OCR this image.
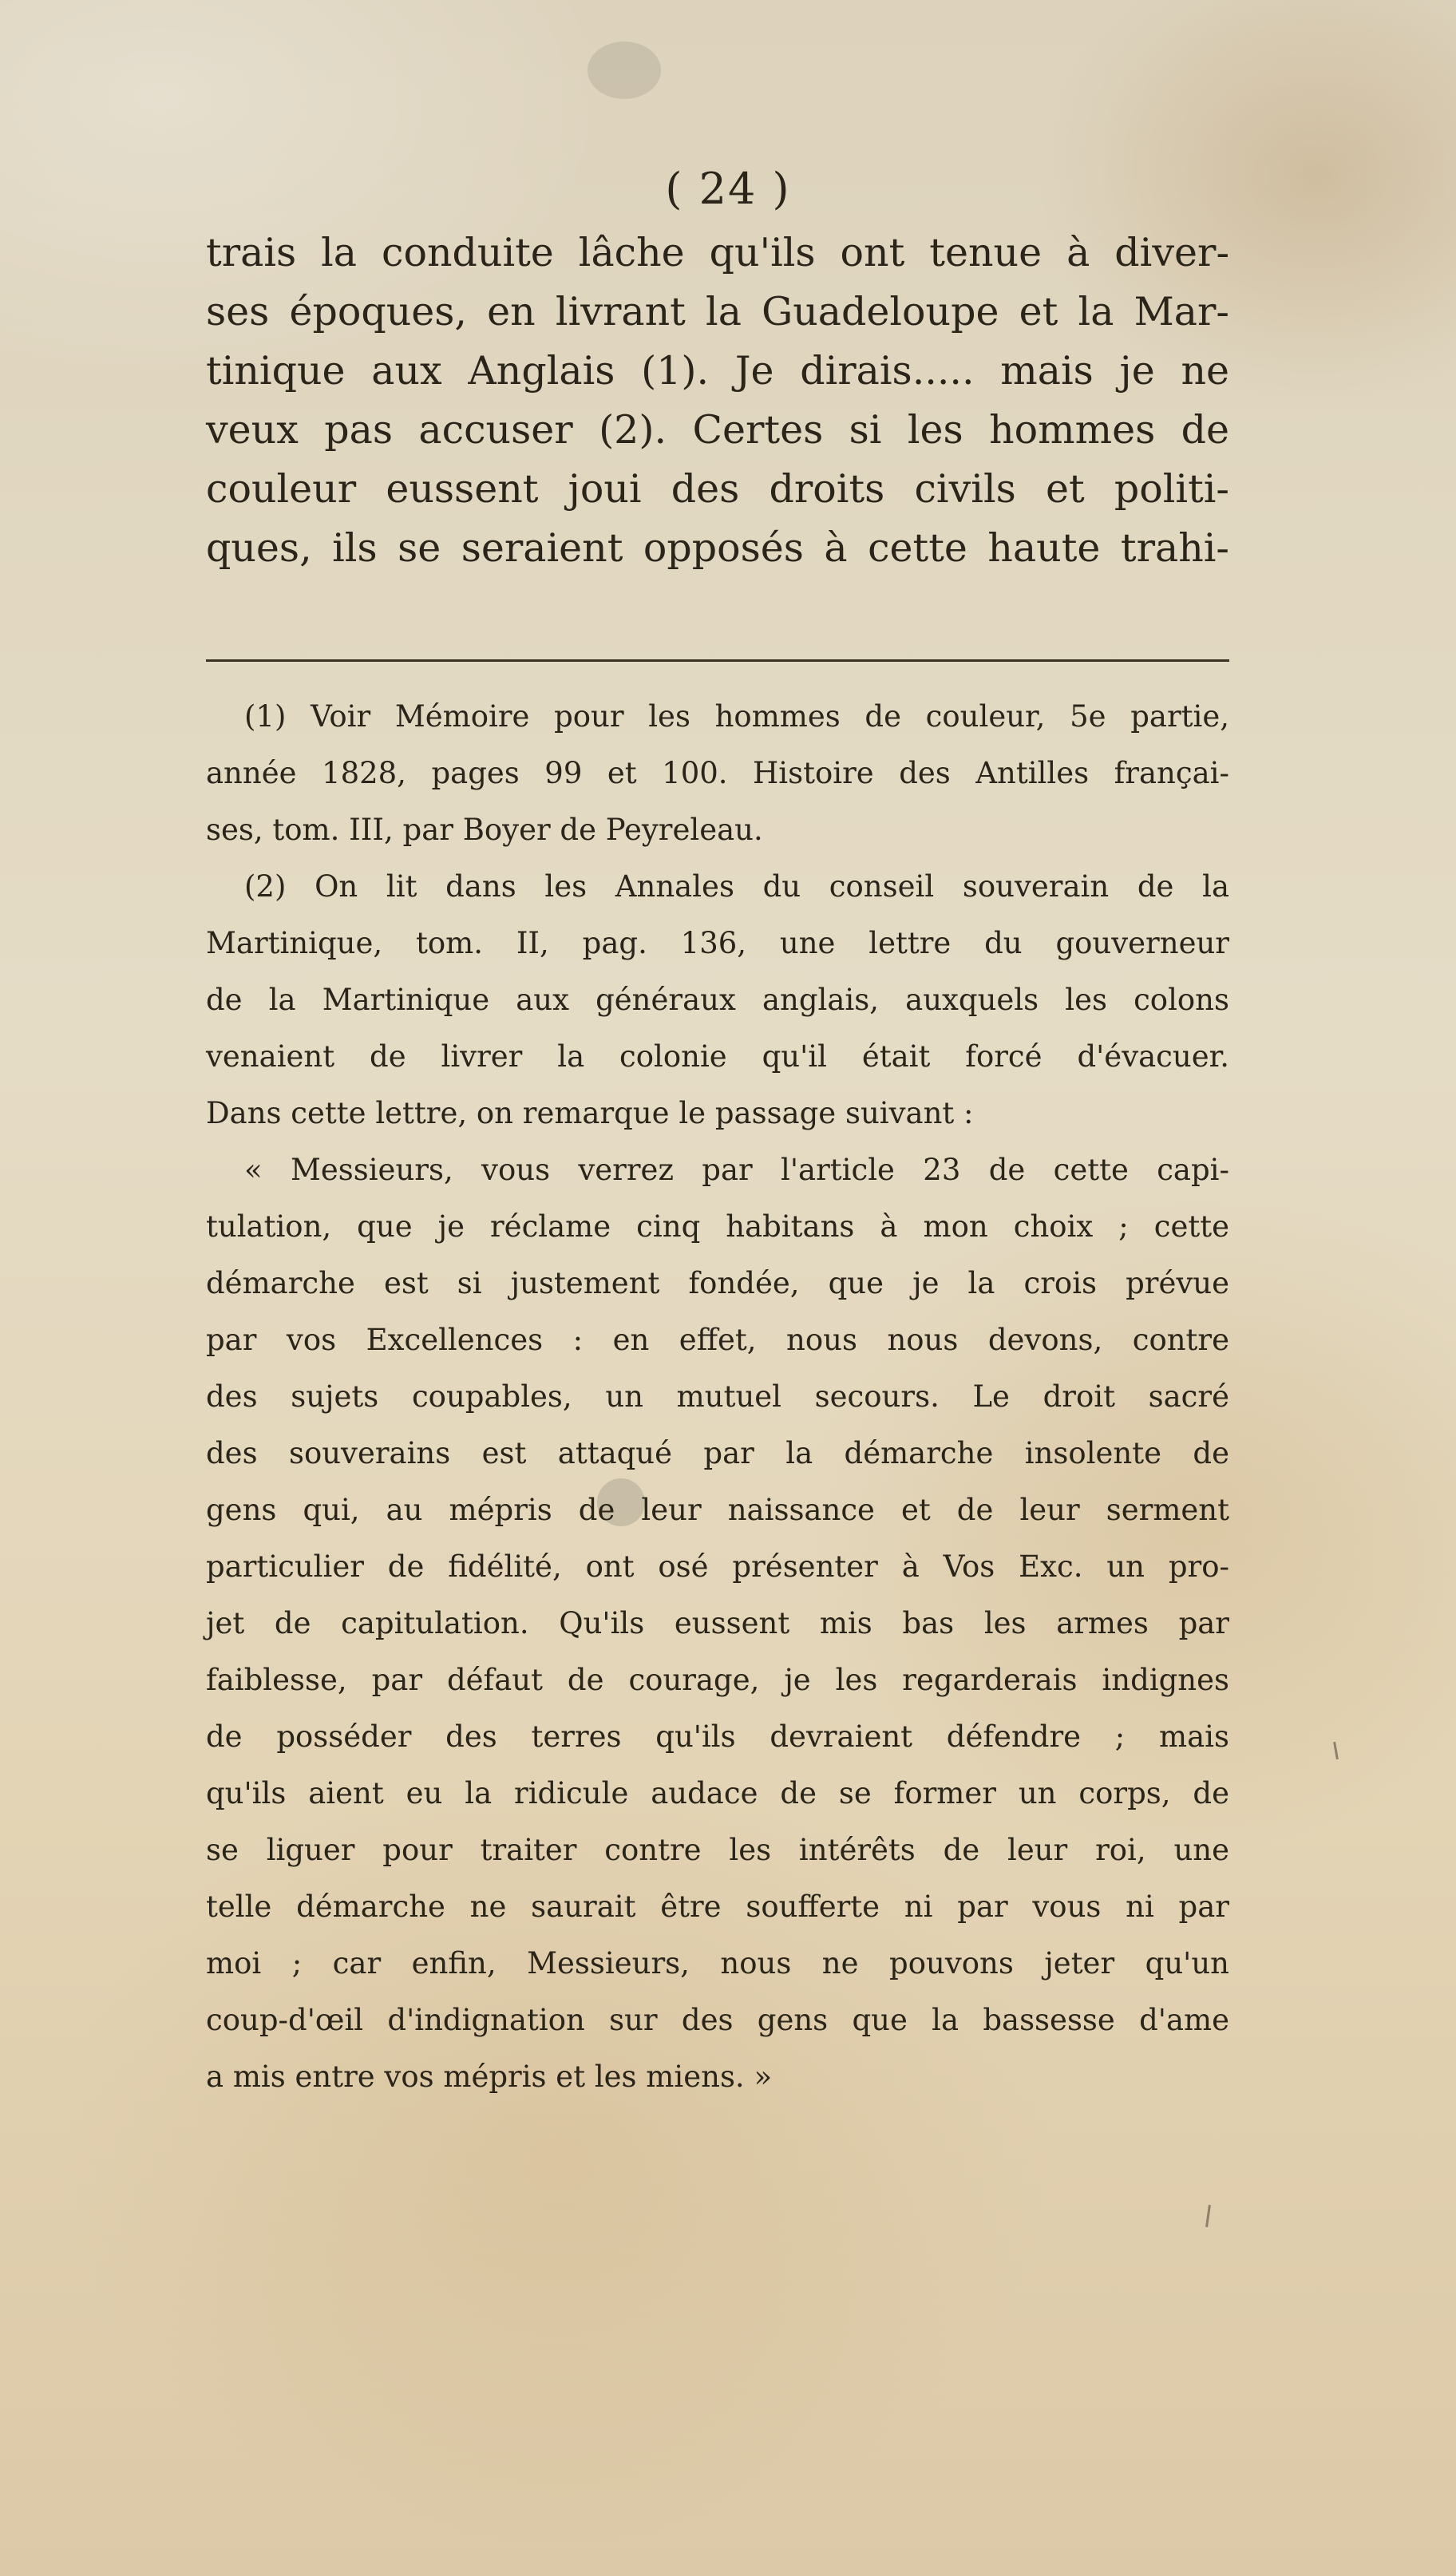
( 24 )
trais la conduite lâche qu'ils ont tenue à diver-
ses époques, en livrant la Guadeloupe et la Mar-
tinique aux Anglais (1). Je dirais..... mais je ne
veux pas accuser (2). Certes si les hommes de
couleur eussent joui des droits civils et politi-
ques, ils se seraient opposés à cette haute trahi-
(1) Voir Mémoire pour les hommes de couleur, 5e partie,
année 1828, pages 99 et 100. Histoire des Antilles françai-
ses, tom. III, par Boyer de Peyreleau.
(2) On lit dans les Annales du conseil souverain de la
Martinique, tom. II, pag. 136, une lettre du gouverneur
de la Martinique aux généraux anglais, auxquels les colons
venaient de livrer la colonie qu'il était forcé d'évacuer.
Dans cette lettre, on remarque le passage suivant :
« Messieurs, vous verrez par l'article 23 de cette capi-
tulation, que je réclame cinq habitans à mon choix ; cette
démarche est si justement fondée, que je la crois prévue
par vos Excellences : en effet, nous nous devons, contre
des sujets coupables, un mutuel secours. Le droit sacré
des souverains est attaqué par la démarche insolente de
gens qui, au mépris de leur naissance et de leur serment
particulier de fidélité, ont osé présenter à Vos Exc. un pro-
jet de capitulation. Qu'ils eussent mis bas les armes par
faiblesse, par défaut de courage, je les regarderais indignes
de posséder des terres qu'ils devraient défendre ; mais
qu'ils aient eu la ridicule audace de se former un corps, de
se liguer pour traiter contre les intérêts de leur roi, une
telle démarche ne saurait être soufferte ni par vous ni par
moi ; car enfin, Messieurs, nous ne pouvons jeter qu'un
coup-d'œil d'indignation sur des gens que la bassesse d'ame
a mis entre vos mépris et les miens. »
